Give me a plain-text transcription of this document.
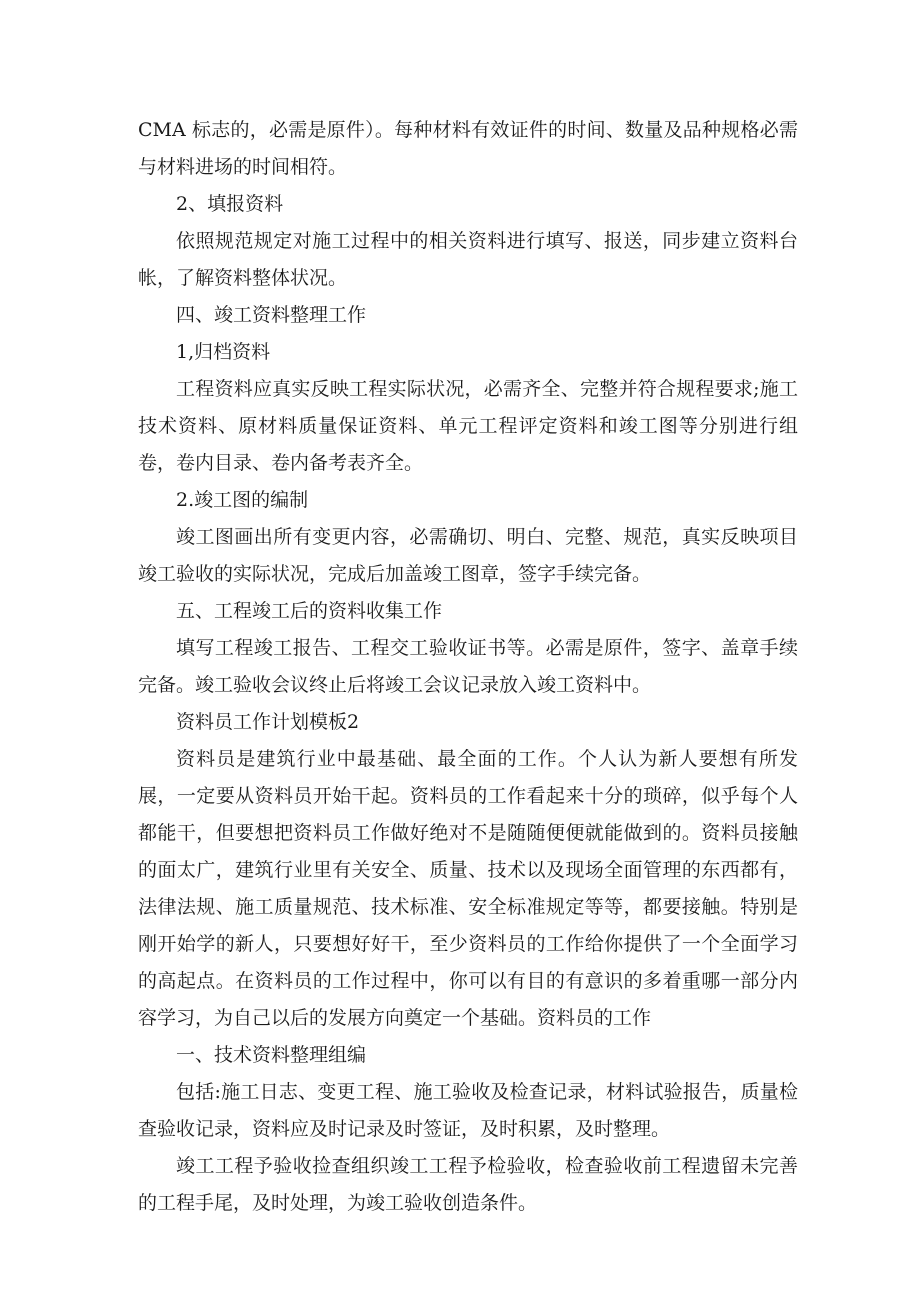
CMA 标志的，必需是原件）。每种材料有效证件的时间、数量及品种规格必需与材料进场的时间相符。

2、填报资料

依照规范规定对施工过程中的相关资料进行填写、报送，同步建立资料台帐，了解资料整体状况。

四、竣工资料整理工作

1,归档资料

工程资料应真实反映工程实际状况，必需齐全、完整并符合规程要求;施工技术资料、原材料质量保证资料、单元工程评定资料和竣工图等分别进行组卷，卷内目录、卷内备考表齐全。

2.竣工图的编制

竣工图画出所有变更内容，必需确切、明白、完整、规范，真实反映项目竣工验收的实际状况，完成后加盖竣工图章，签字手续完备。

五、工程竣工后的资料收集工作

填写工程竣工报告、工程交工验收证书等。必需是原件，签字、盖章手续完备。竣工验收会议终止后将竣工会议记录放入竣工资料中。

资料员工作计划模板2

资料员是建筑行业中最基础、最全面的工作。个人认为新人要想有所发展，一定要从资料员开始干起。资料员的工作看起来十分的琐碎，似乎每个人都能干，但要想把资料员工作做好绝对不是随随便便就能做到的。资料员接触的面太广，建筑行业里有关安全、质量、技术以及现场全面管理的东西都有，法律法规、施工质量规范、技术标准、安全标准规定等等，都要接触。特别是刚开始学的新人，只要想好好干，至少资料员的工作给你提供了一个全面学习的高起点。在资料员的工作过程中，你可以有目的有意识的多着重哪一部分内容学习，为自己以后的发展方向奠定一个基础。资料员的工作

一、技术资料整理组编

包括:施工日志、变更工程、施工验收及检查记录，材料试验报告，质量检查验收记录，资料应及时记录及时签证，及时积累，及时整理。

竣工工程予验收捡查组织竣工工程予检验收，检查验收前工程遗留未完善的工程手尾，及时处理，为竣工验收创造条件。
